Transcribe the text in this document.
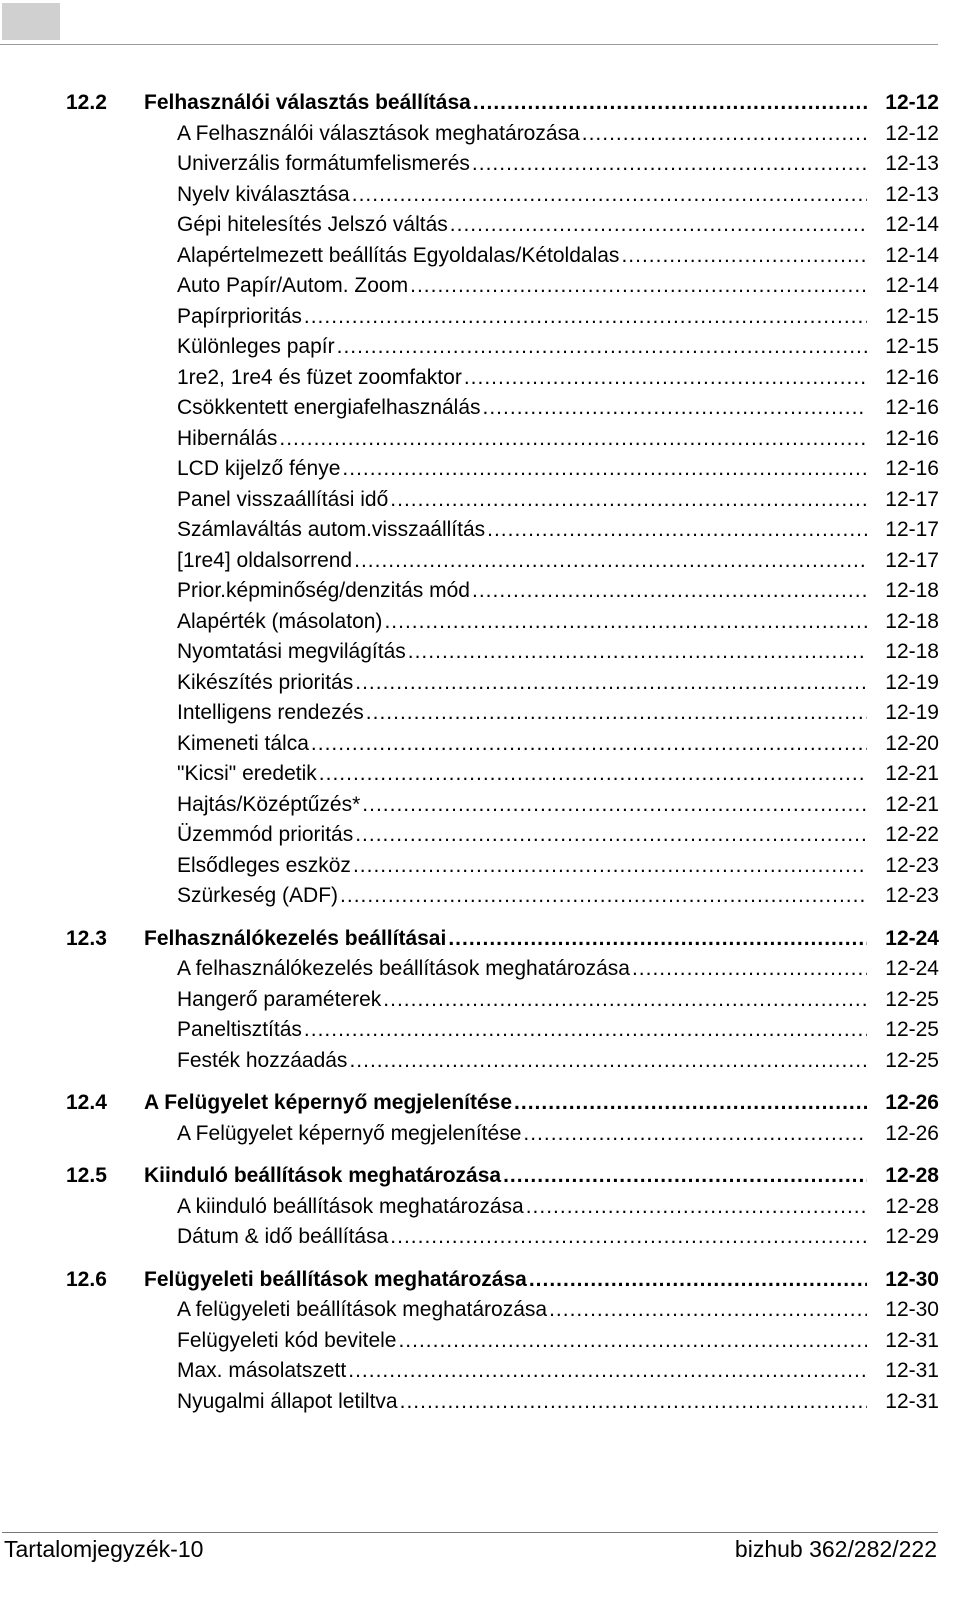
12.2	Felhasználói választás beállítása .....	12-12
A Felhasználói választások meghatározása .....	12-12
Univerzális formátumfelismerés .....	12-13
Nyelv kiválasztása .....	12-13
Gépi hitelesítés Jelszó váltás .....	12-14
Alapértelmezett beállítás Egyoldalas/Kétoldalas .....	12-14
Auto Papír/Autom. Zoom .....	12-14
Papírprioritás .....	12-15
Különleges papír .....	12-15
1re2, 1re4 és füzet zoomfaktor .....	12-16
Csökkentett energiafelhasználás .....	12-16
Hibernálás .....	12-16
LCD kijelző fénye .....	12-16
Panel visszaállítási idő .....	12-17
Számlaváltás autom.visszaállítás .....	12-17
[1re4] oldalsorrend .....	12-17
Prior.képminőség/denzitás mód .....	12-18
Alapérték (másolaton) .....	12-18
Nyomtatási megvilágítás .....	12-18
Kikészítés prioritás .....	12-19
Intelligens rendezés .....	12-19
Kimeneti tálca .....	12-20
"Kicsi" eredetik .....	12-21
Hajtás/Középtűzés* .....	12-21
Üzemmód prioritás .....	12-22
Elsődleges eszköz .....	12-23
Szürkeség (ADF) .....	12-23
12.3	Felhasználókezelés beállításai .....	12-24
A felhasználókezelés beállítások meghatározása .....	12-24
Hangerő paraméterek .....	12-25
Paneltisztítás .....	12-25
Festék hozzáadás .....	12-25
12.4	A Felügyelet képernyő megjelenítése .....	12-26
A Felügyelet képernyő megjelenítése .....	12-26
12.5	Kiinduló beállítások meghatározása .....	12-28
A kiinduló beállítások meghatározása .....	12-28
Dátum & idő beállítása .....	12-29
12.6	Felügyeleti beállítások meghatározása .....	12-30
A felügyeleti beállítások meghatározása .....	12-30
Felügyeleti kód bevitele .....	12-31
Max. másolatszett .....	12-31
Nyugalmi állapot letiltva .....	12-31
Tartalomjegyzék-10	bizhub 362/282/222
